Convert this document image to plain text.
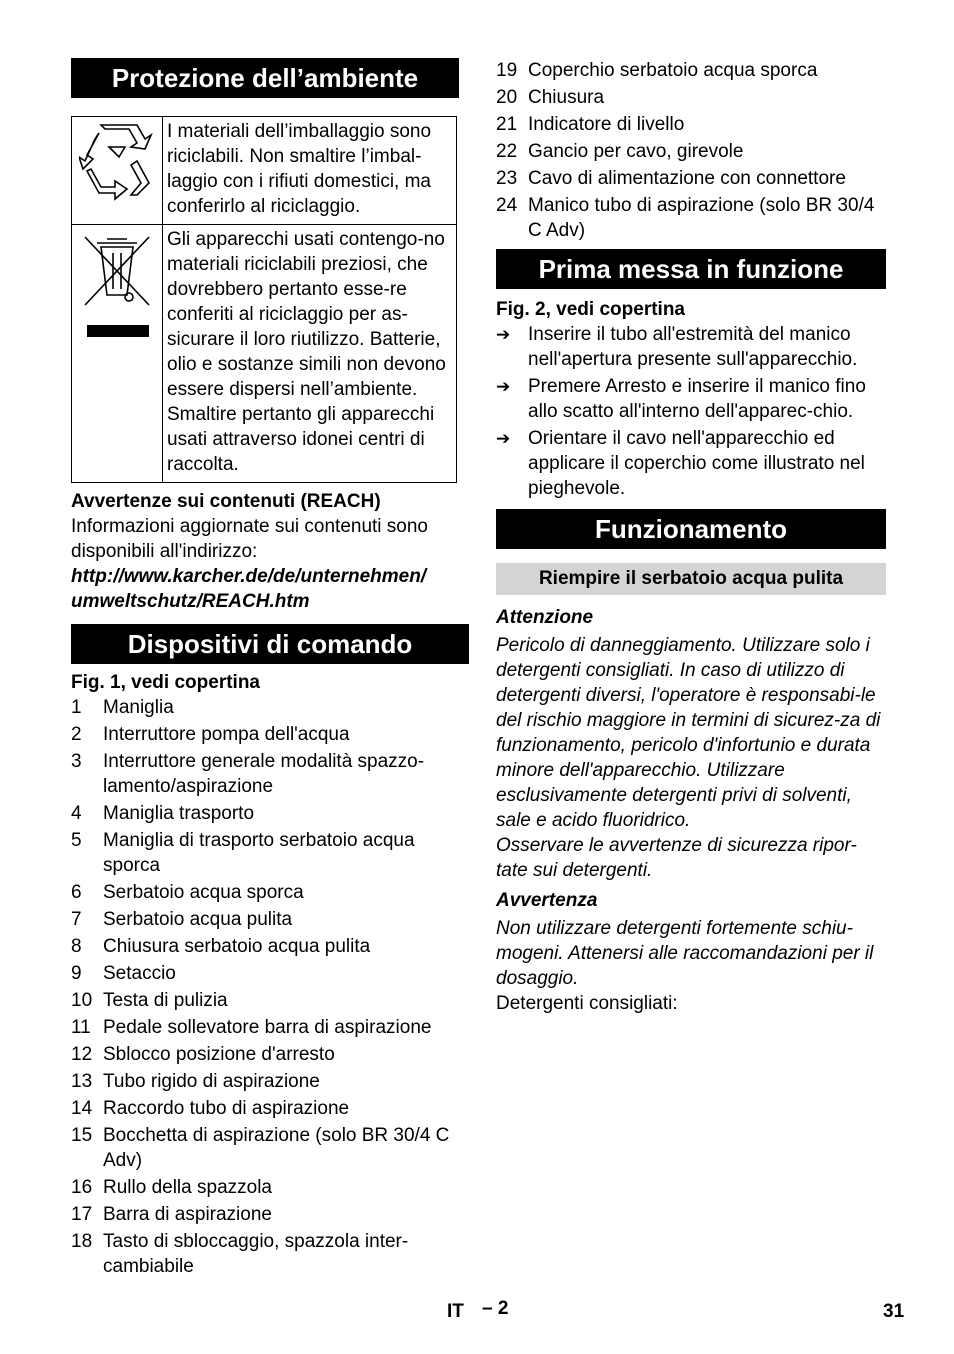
Protezione dell’ambiente
	I materiali dell’imballaggio sono riciclabili. Non smaltire l’imbal-laggio con i rifiuti domestici, ma conferirlo al riciclaggio.
	Gli apparecchi usati contengo-no materiali riciclabili preziosi, che dovrebbero pertanto esse-re conferiti al riciclaggio per as-sicurare il loro riutilizzo. Batterie, olio e sostanze simili non devono essere dispersi nell’ambiente. Smaltire pertanto gli apparecchi usati attraverso idonei centri di raccolta.
Avvertenze sui contenuti (REACH)
Informazioni aggiornate sui contenuti sono disponibili all'indirizzo:
http://www.karcher.de/de/unternehmen/
umweltschutz/REACH.htm
Dispositivi di comando
Fig. 1, vedi copertina
1	Maniglia
2	Interruttore pompa dell'acqua
3	Interruttore generale modalità spazzo-lamento/aspirazione
4	Maniglia trasporto
5	Maniglia di trasporto serbatoio acqua sporca
6	Serbatoio acqua sporca
7	Serbatoio acqua pulita
8	Chiusura serbatoio acqua pulita
9	Setaccio
10 Testa di pulizia
11 Pedale sollevatore barra di aspirazione
12 Sblocco posizione d'arresto
13 Tubo rigido di aspirazione
14 Raccordo tubo di aspirazione
15 Bocchetta di aspirazione (solo BR 30/4 C Adv)
16 Rullo della spazzola
17 Barra di aspirazione
18 Tasto di sbloccaggio, spazzola inter-cambiabile
19 Coperchio serbatoio acqua sporca
20 Chiusura
21 Indicatore di livello
22 Gancio per cavo, girevole
23 Cavo di alimentazione con connettore
24 Manico tubo di aspirazione (solo BR 30/4 C Adv)
Prima messa in funzione
Fig. 2, vedi copertina
➔ Inserire il tubo all'estremità del manico nell'apertura presente sull'apparecchio.
➔ Premere Arresto e inserire il manico fino allo scatto all'interno dell'apparec-chio.
➔ Orientare il cavo nell'apparecchio ed applicare il coperchio come illustrato nel pieghevole.
Funzionamento
Riempire il serbatoio acqua pulita
Attenzione
Pericolo di danneggiamento. Utilizzare solo i detergenti consigliati. In caso di utilizzo di detergenti diversi, l'operatore è responsabi-le del rischio maggiore in termini di sicurez-za di funzionamento, pericolo d'infortunio e durata minore dell'apparecchio. Utilizzare esclusivamente detergenti privi di solventi, sale e acido fluoridrico.
Osservare le avvertenze di sicurezza ripor-tate sui detergenti.
Avvertenza
Non utilizzare detergenti fortemente schiu-mogeni. Attenersi alle raccomandazioni per il dosaggio.
Detergenti consigliati:
IT – 2	31
